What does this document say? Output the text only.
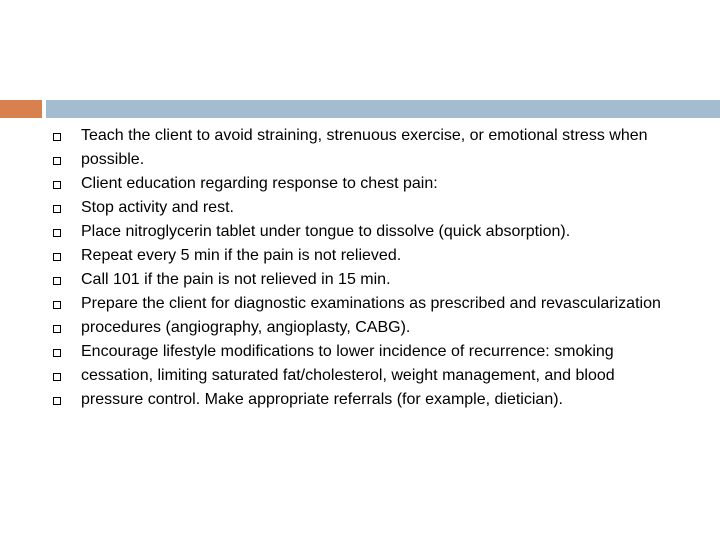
Teach the client to avoid straining, strenuous exercise, or emotional stress when
possible.
Client education regarding response to chest pain:
Stop activity and rest.
Place nitroglycerin tablet under tongue to dissolve (quick absorption).
Repeat every 5 min if the pain is not relieved.
Call 101 if the pain is not relieved in 15 min.
Prepare the client for diagnostic examinations as prescribed and revascularization
procedures (angiography, angioplasty, CABG).
Encourage lifestyle modifications to lower incidence of recurrence: smoking
cessation, limiting saturated fat/cholesterol, weight management, and blood
pressure control. Make appropriate referrals (for example, dietician).
